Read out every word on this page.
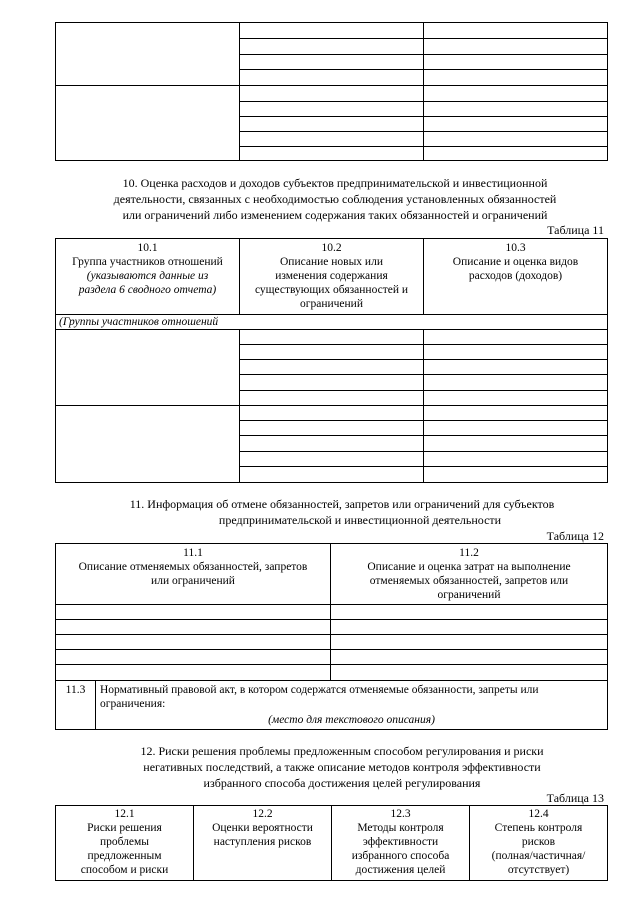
10. Оценка расходов и доходов субъектов предпринимательской и инвестиционной
деятельности, связанных с необходимостью соблюдения установленных обязанностей
или ограничений либо изменением содержания таких обязанностей и ограничений
Таблица 11
10.1
Группа участников отношений
(указываются данные из
раздела 6 сводного отчета)
10.2
Описание новых или
изменения содержания
существующих обязанностей и
ограничений
10.3
Описание и оценка видов
расходов (доходов)
(Группы участников отношений
11. Информация об отмене обязанностей, запретов или ограничений для субъектов
предпринимательской и инвестиционной деятельности
Таблица 12
11.1
Описание отменяемых обязанностей, запретов
или ограничений
11.2
Описание и оценка затрат на выполнение
отменяемых обязанностей, запретов или
ограничений
11.3	Нормативный правовой акт, в котором содержатся отменяемые обязанности, запреты или
ограничения:
(место для текстового описания)
12. Риски решения проблемы предложенным способом регулирования и риски
негативных последствий, а также описание методов контроля эффективности
избранного способа достижения целей регулирования
Таблица 13
12.1
Риски решения
проблемы
предложенным
способом и риски
12.2
Оценки вероятности
наступления рисков
12.3
Методы контроля
эффективности
избранного способа
достижения целей
12.4
Степень контроля
рисков
(полная/частичная/
отсутствует)
